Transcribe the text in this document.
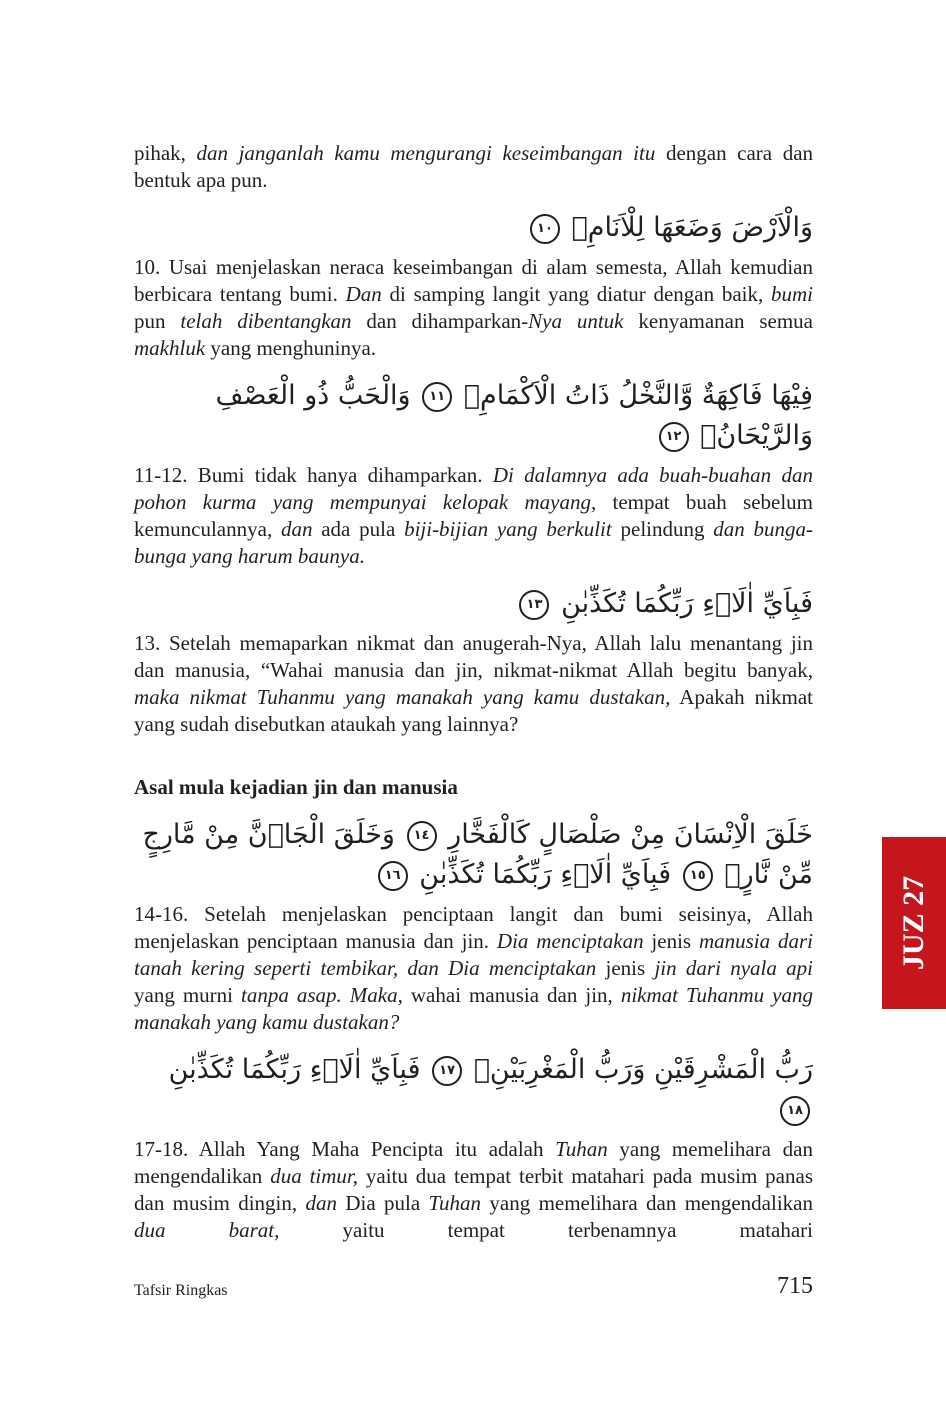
pihak, dan janganlah kamu mengurangi keseimbangan itu dengan cara dan bentuk apa pun.

وَالْاَرْضَ وَضَعَهَا لِلْاَنَامِۙ ١٠

10. Usai menjelaskan neraca keseimbangan di alam semesta, Allah kemudian berbicara tentang bumi. Dan di samping langit yang diatur dengan baik, bumi pun telah dibentangkan dan dihamparkan-Nya untuk kenyamanan semua makhluk yang menghuninya.

فِيْهَا فَاكِهَةٌ وَّالنَّخْلُ ذَاتُ الْاَكْمَامِۖ ١١ وَالْحَبُّ ذُو الْعَصْفِ وَالرَّيْحَانُۚ ١٢

11-12. Bumi tidak hanya dihamparkan. Di dalamnya ada buah-buahan dan pohon kurma yang mempunyai kelopak mayang, tempat buah sebelum kemunculannya, dan ada pula biji-bijian yang berkulit pelindung dan bunga-bunga yang harum baunya.

فَبِاَيِّ اٰلَاۤءِ رَبِّكُمَا تُكَذِّبٰنِ ١٣

13. Setelah memaparkan nikmat dan anugerah-Nya, Allah lalu menantang jin dan manusia, “Wahai manusia dan jin, nikmat-nikmat Allah begitu banyak, maka nikmat Tuhanmu yang manakah yang kamu dustakan, Apakah nikmat yang sudah disebutkan ataukah yang lainnya?

Asal mula kejadian jin dan manusia

خَلَقَ الْاِنْسَانَ مِنْ صَلْصَالٍ كَالْفَخَّارِ ١٤ وَخَلَقَ الْجَاۤنَّ مِنْ مَّارِجٍ مِّنْ نَّارٍۚ ١٥ فَبِاَيِّ اٰلَاۤءِ رَبِّكُمَا تُكَذِّبٰنِ ١٦

14-16. Setelah menjelaskan penciptaan langit dan bumi seisinya, Allah menjelaskan penciptaan manusia dan jin. Dia menciptakan jenis manusia dari tanah kering seperti tembikar, dan Dia menciptakan jenis jin dari nyala api yang murni tanpa asap. Maka, wahai manusia dan jin, nikmat Tuhanmu yang manakah yang kamu dustakan?

رَبُّ الْمَشْرِقَيْنِ وَرَبُّ الْمَغْرِبَيْنِۚ ١٧ فَبِاَيِّ اٰلَاۤءِ رَبِّكُمَا تُكَذِّبٰنِ ١٨

17-18. Allah Yang Maha Pencipta itu adalah Tuhan yang memelihara dan mengendalikan dua timur, yaitu dua tempat terbit matahari pada musim panas dan musim dingin, dan Dia pula Tuhan yang memelihara dan mengendalikan dua barat, yaitu tempat terbenamnya matahari

JUZ 27
Tafsir Ringkas	715
